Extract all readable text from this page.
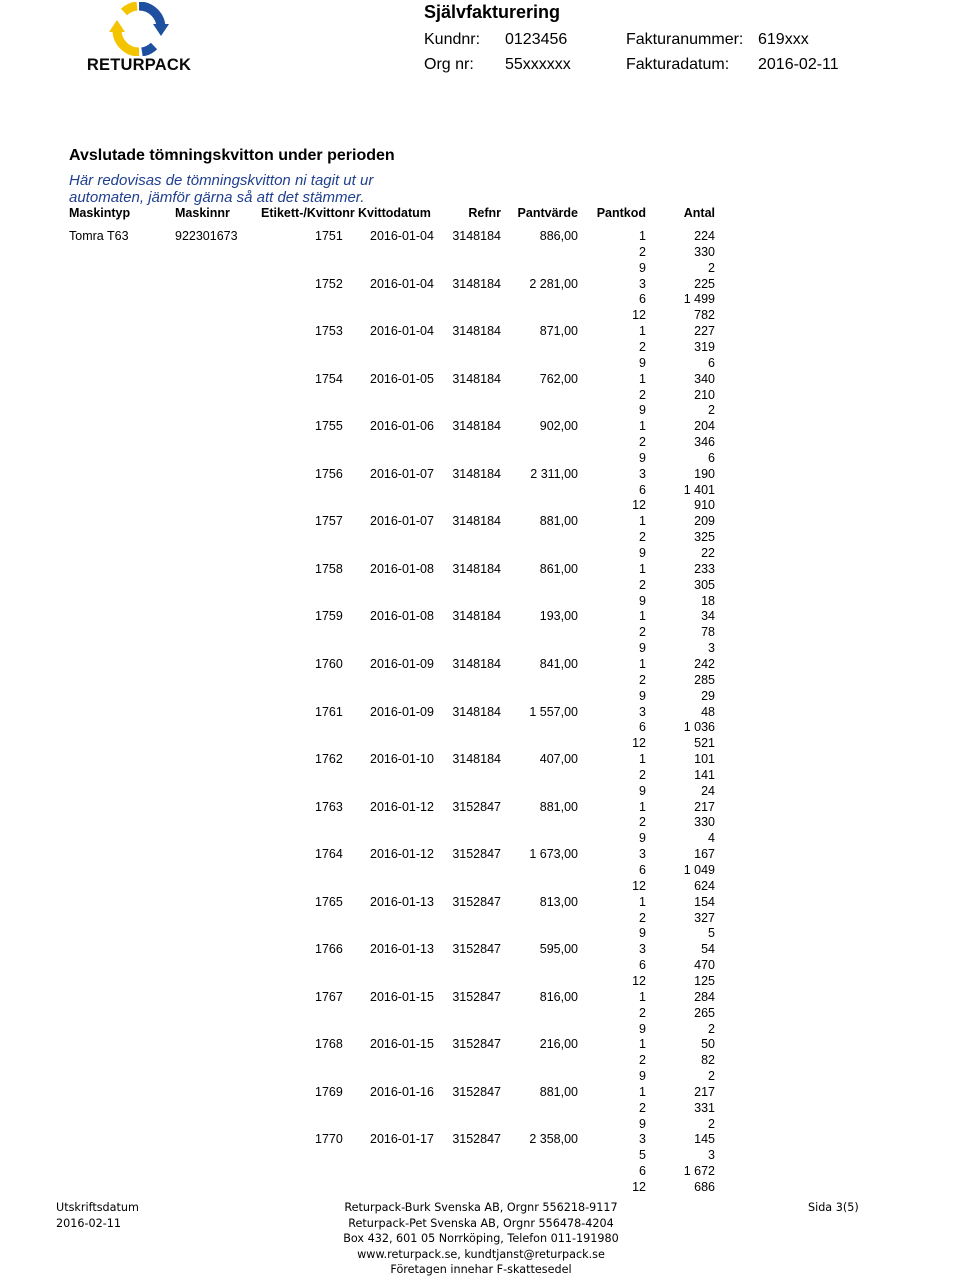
RETURPACK
Självfakturering
Kundnr: 0123456
Org nr: 55xxxxxx
Fakturanummer: 619xxx
Fakturadatum: 2016-02-11
Avslutade tömningskvitton under perioden
Här redovisas de tömningskvitton ni tagit ut ur automaten, jämför gärna så att det stämmer.
Maskintyp	Maskinnr Etikett-/Kvittonr Kvittodatum	Refnr	Pantvärde	Pantkod	Antal
Tomra T63	922301673	1751 2016-01-04	3148184	886,00	1	224
2	330
9	2
1752 2016-01-04	3148184	2 281,00	3	225
6	1 499
12	782
1753 2016-01-04	3148184	871,00	1	227
2	319
9	6
1754 2016-01-05	3148184	762,00	1	340
2	210
9	2
1755 2016-01-06	3148184	902,00	1	204
2	346
9	6
1756 2016-01-07	3148184	2 311,00	3	190
6	1 401
12	910
1757 2016-01-07	3148184	881,00	1	209
2	325
9	22
1758 2016-01-08	3148184	861,00	1	233
2	305
9	18
1759 2016-01-08	3148184	193,00	1	34
2	78
9	3
1760 2016-01-09	3148184	841,00	1	242
2	285
9	29
1761 2016-01-09	3148184	1 557,00	3	48
6	1 036
12	521
1762 2016-01-10	3148184	407,00	1	101
2	141
9	24
1763 2016-01-12	3152847	881,00	1	217
2	330
9	4
1764 2016-01-12	3152847	1 673,00	3	167
6	1 049
12	624
1765 2016-01-13	3152847	813,00	1	154
2	327
9	5
1766 2016-01-13	3152847	595,00	3	54
6	470
12	125
1767 2016-01-15	3152847	816,00	1	284
2	265
9	2
1768 2016-01-15	3152847	216,00	1	50
2	82
9	2
1769 2016-01-16	3152847	881,00	1	217
2	331
9	2
1770 2016-01-17	3152847	2 358,00	3	145
5	3
6	1 672
12	686
Utskriftsdatum
2016-02-11
Returpack-Burk Svenska AB, Orgnr 556218-9117
Returpack-Pet Svenska AB, Orgnr 556478-4204
Box 432, 601 05 Norrköping, Telefon 011-191980
www.returpack.se, kundtjanst@returpack.se
Företagen innehar F-skattesedel
Sida 3(5)
